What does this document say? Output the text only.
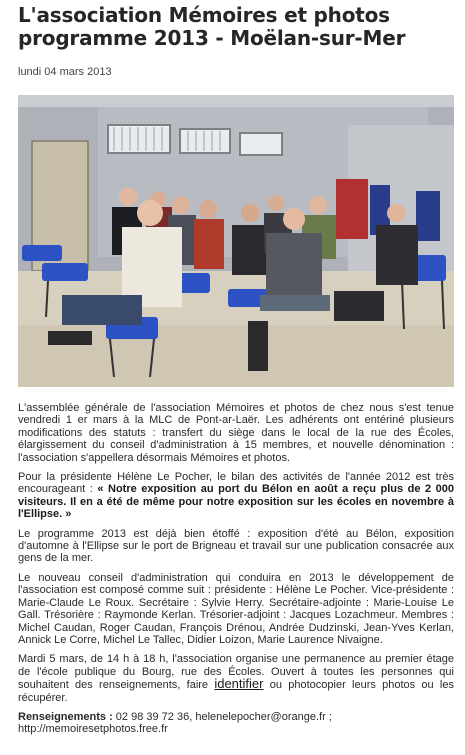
L'association Mémoires et photos
programme 2013 - Moëlan-sur-Mer
lundi 04 mars 2013

L'assemblée générale de l'association Mémoires et photos de chez nous s'est tenue vendredi 1 er mars à la MLC de Pont-ar-Laër. Les adhérents ont entériné plusieurs modifications des statuts : transfert du siège dans le local de la rue des Écoles, élargissement du conseil d'administration à 15 membres, et nouvelle dénomination : l'association s'appellera désormais Mémoires et photos.

Pour la présidente Hélène Le Pocher, le bilan des activités de l'année 2012 est très encourageant : « Notre exposition au port du Bélon en août a reçu plus de 2 000 visiteurs. Il en a été de même pour notre exposition sur les écoles en novembre à l'Ellipse. »

Le programme 2013 est déjà bien étoffé : exposition d'été au Bélon, exposition d'automne à l'Ellipse sur le port de Brigneau et travail sur une publication consacrée aux gens de la mer.

Le nouveau conseil d'administration qui conduira en 2013 le développement de l'association est composé comme suit : présidente : Hélène Le Pocher. Vice-présidente : Marie-Claude Le Roux. Secrétaire : Sylvie Herry. Secrétaire-adjointe : Marie-Louise Le Gall. Trésorière : Raymonde Kerlan. Trésorier-adjoint : Jacques Lozachmeur. Membres : Michel Caudan, Roger Caudan, François Drénou, Andrée Dudzinski, Jean-Yves Kerlan, Annick Le Corre, Michel Le Tallec, Didier Loizon, Marie Laurence Nivaigne.

Mardi 5 mars, de 14 h à 18 h, l'association organise une permanence au premier étage de l'école publique du Bourg, rue des Écoles. Ouvert à toutes les personnes qui souhaitent des renseignements, faire identifier ou photocopier leurs photos ou les récupérer.

Renseignements : 02 98 39 72 36, helenelepocher@orange.fr ;
http://memoiresetphotos.free.fr
